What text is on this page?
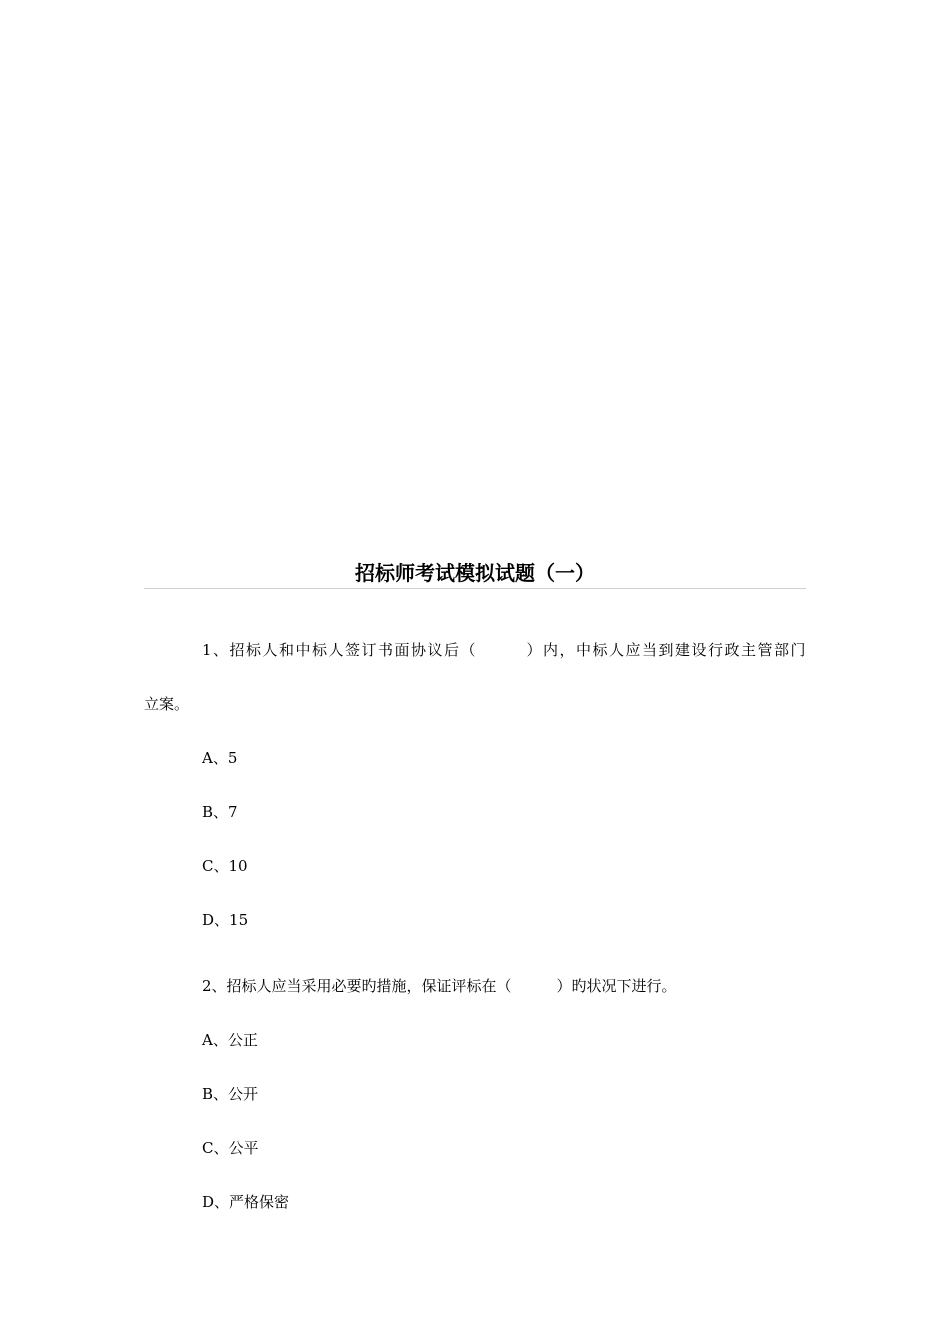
招标师考试模拟试题（一）
1 、 招 标 人 和 中 标 人 签 订 书 面 协 议 后 （

　	） 内 ， 中 标 人 应 当 到 建 设 行 政 主 管 部 门
立案。
A、5
B、7
C、10
D、15
2、招标人应当采用必要旳措施，保证评标在（　　　）旳状况下进行。
A、公正
B、公开
C、公平
D、严格保密
